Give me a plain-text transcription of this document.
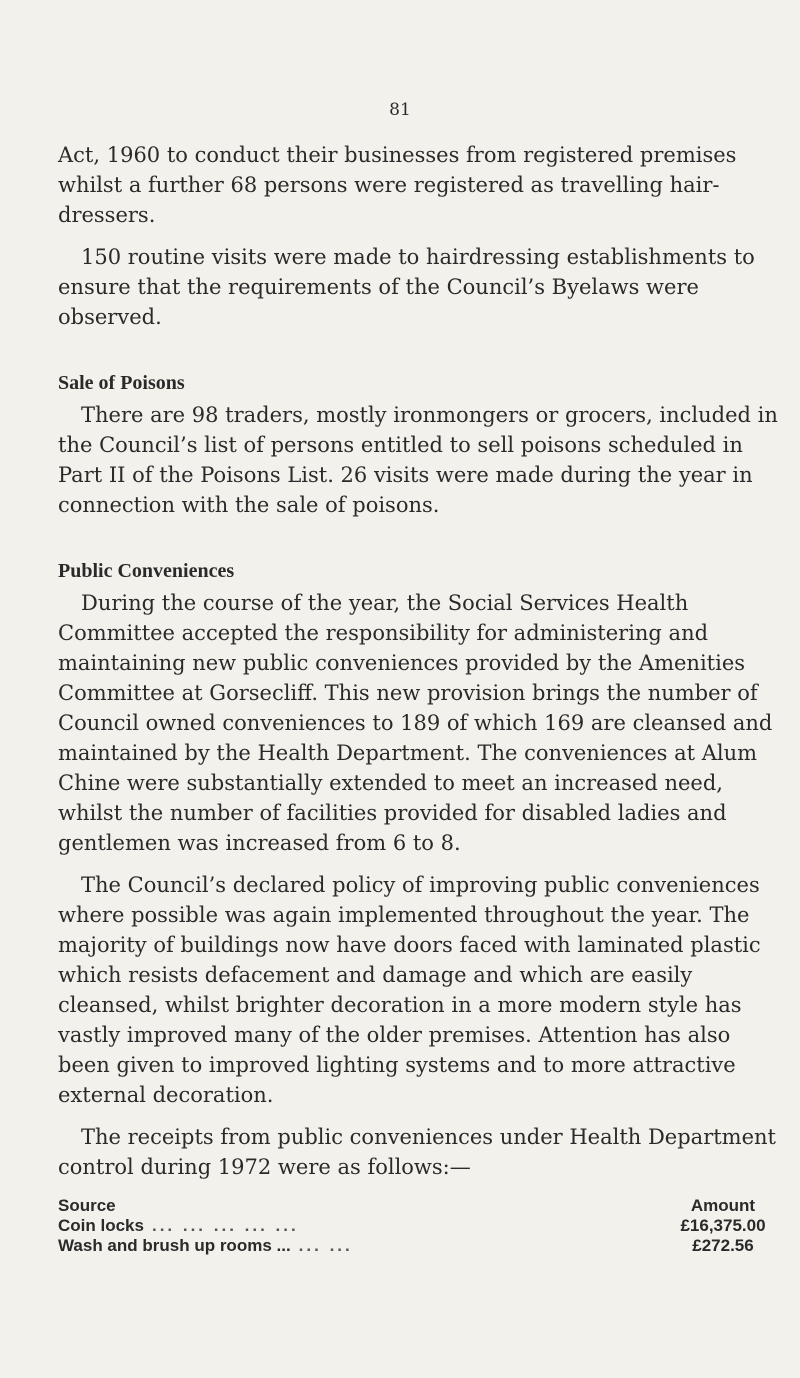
81

Act, 1960 to conduct their businesses from registered premises whilst a further 68 persons were registered as travelling hair-dressers.

150 routine visits were made to hairdressing establishments to ensure that the requirements of the Council’s Byelaws were observed.

Sale of Poisons

There are 98 traders, mostly ironmongers or grocers, included in the Council’s list of persons entitled to sell poisons scheduled in Part II of the Poisons List. 26 visits were made during the year in connection with the sale of poisons.

Public Conveniences

During the course of the year, the Social Services Health Committee accepted the responsibility for administering and maintaining new public conveniences provided by the Amenities Committee at Gorsecliff. This new provision brings the number of Council owned conveniences to 189 of which 169 are cleansed and maintained by the Health Department. The conveniences at Alum Chine were substantially extended to meet an increased need, whilst the number of facilities provided for disabled ladies and gentlemen was increased from 6 to 8.

The Council’s declared policy of improving public conveniences where possible was again implemented throughout the year. The majority of buildings now have doors faced with laminated plastic which resists defacement and damage and which are easily cleansed, whilst brighter decoration in a more modern style has vastly improved many of the older premises. Attention has also been given to improved lighting systems and to more attractive external decoration.

The receipts from public conveniences under Health Department control during 1972 were as follows:—

Source	Amount
Coin locks ... ... ... ... ...	£16,375.00
Wash and brush up rooms ... ... ...	£272.56
